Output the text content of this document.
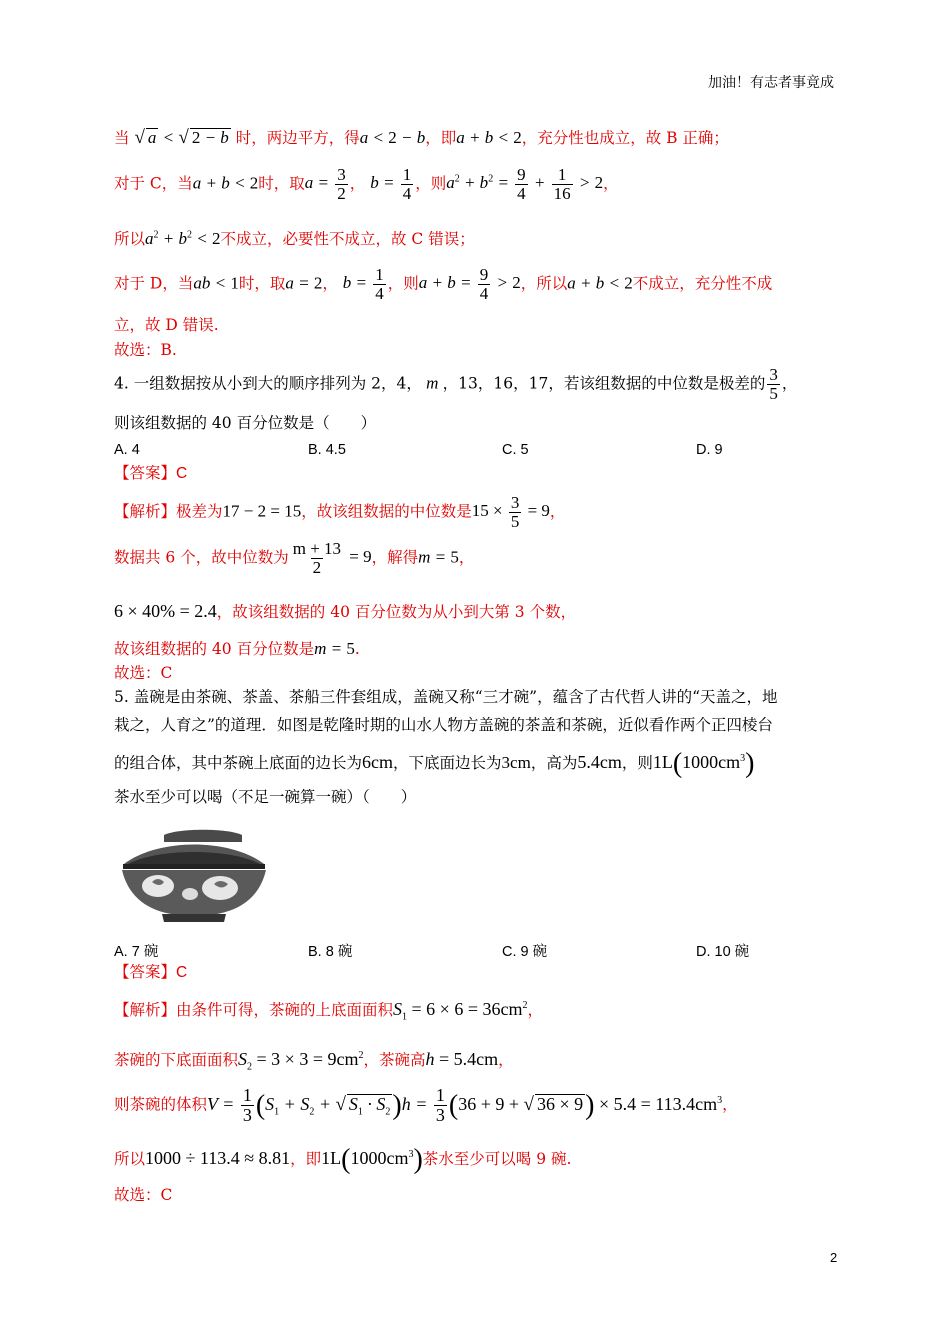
加油！有志者事竟成
当 √ a < √ 2 − b 时，两边平方，得a < 2 − b，即a + b < 2，充分性也成立，故 B 正确；
对于 C，当a + b < 2时，取$a = \frac{3}{2}$ ， $b = \frac{1}{4}$ ，则$a^2 + b^2 = \frac{9}{4} + \frac{1}{16} > 2$，
所以$a^2 + b^2 < 2$不成立，必要性不成立，故 C 错误；
对于 D，当ab < 1时，取a = 2， $b = \frac{1}{4}$ ，则$a + b = \frac{9}{4} > 2$，所以a + b < 2不成立，充分性不成
立，故 D 错误.
故选：B.
4. 一组数据按从小到大的顺序排列为 2，4， m ，13，16，17，若该组数据的中位数是极差的 $\frac{3}{5}$ ，
则该组数据的 40 百分位数是（　　）
A. 4	B. 4.5	C. 5	D. 9
【答案】C
【解析】极差为17 − 2 = 15，故该组数据的中位数是$15 \times \frac{3}{5} = 9$，
数据共 6 个，故中位数为 $\frac{m + 13}{2} = 9$，解得m = 5，
6 × 40% = 2.4，故该组数据的 40 百分位数为从小到大第 3 个数，
故该组数据的 40 百分位数是m = 5.
故选：C
5. 盖碗是由茶碗、茶盖、茶船三件套组成，盖碗又称“三才碗”，蕴含了古代哲人讲的“天盖之，地
栽之，人育之”的道理．如图是乾隆时期的山水人物方盖碗的茶盖和茶碗，近似看作两个正四棱台
的组合体，其中茶碗上底面的边长为6cm，下底面边长为3cm，高为5.4cm，则$1L(1000cm^3)$
茶水至少可以喝（不足一碗算一碗）（　　）
A. 7 碗	B. 8 碗	C. 9 碗	D. 10 碗
【答案】C
【解析】由条件可得，茶碗的上底面面积$S_1 = 6 \times 6 = 36cm^2$，
茶碗的下底面面积$S_2 = 3 \times 3 = 9cm^2$，茶碗高h = 5.4cm，
则茶碗的体积$V = \frac{1}{3} (S_1 + S_2$ + √ $S_1 \cdot S_2)h = \frac{1}{3} (36 + 9$ + √ $36 \times 9) \times 5.4 = 113.4cm^3$，
所以1000 ÷ 113.4 ≈ 8.81，即$1L(1000cm^3)$茶水至少可以喝 9 碗.
故选：C
2
